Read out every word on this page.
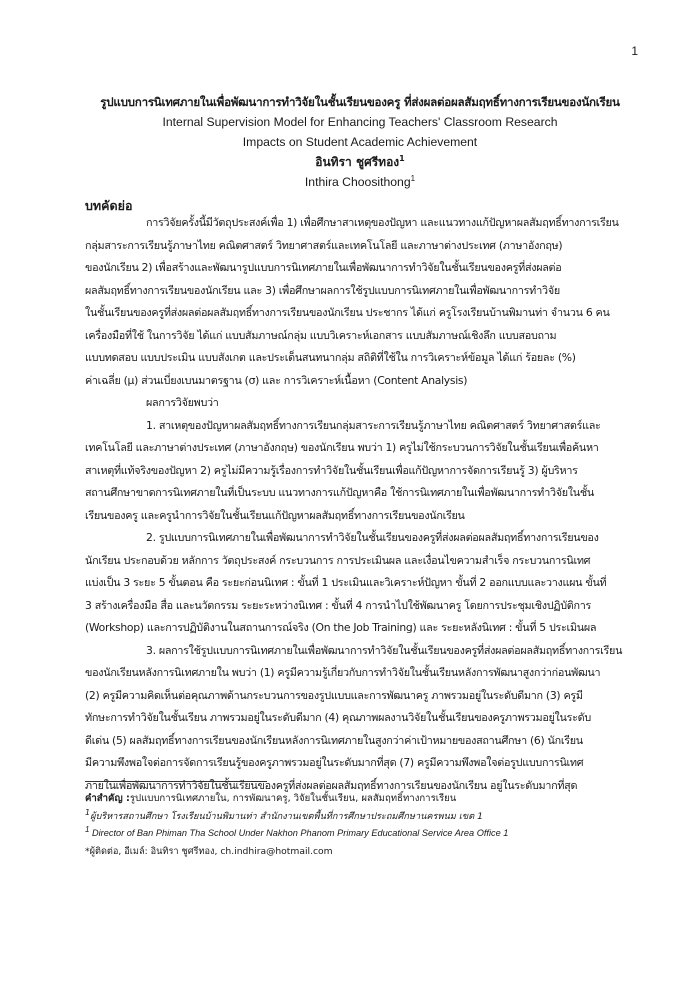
1
รูปแบบการนิเทศภายในเพื่อพัฒนาการทำวิจัยในชั้นเรียนของครู ที่ส่งผลต่อผลสัมฤทธิ์ทางการเรียนของนักเรียน
Internal Supervision Model for Enhancing Teachers' Classroom Research
Impacts on Student Academic Achievement
อินทิรา ชูศรีทอง$^1$
Inthira Choosithong$^1$
บทคัดย่อ
การวิจัยครั้งนี้มีวัตถุประสงค์เพื่อ 1) เพื่อศึกษาสาเหตุของปัญหา และแนวทางแก้ปัญหาผลสัมฤทธิ์ทางการเรียน
กลุ่มสาระการเรียนรู้ภาษาไทย คณิตศาสตร์ วิทยาศาสตร์และเทคโนโลยี และภาษาต่างประเทศ (ภาษาอังกฤษ)
ของนักเรียน 2) เพื่อสร้างและพัฒนารูปแบบการนิเทศภายในเพื่อพัฒนาการทำวิจัยในชั้นเรียนของครูที่ส่งผลต่อ
ผลสัมฤทธิ์ทางการเรียนของนักเรียน และ 3) เพื่อศึกษาผลการใช้รูปแบบการนิเทศภายในเพื่อพัฒนาการทำวิจัย
ในชั้นเรียนของครูที่ส่งผลต่อผลสัมฤทธิ์ทางการเรียนของนักเรียน ประชากร ได้แก่ ครูโรงเรียนบ้านพิมานท่า จำนวน 6 คน
เครื่องมือที่ใช้ ในการวิจัย ได้แก่ แบบสัมภาษณ์กลุ่ม แบบวิเคราะห์เอกสาร แบบสัมภาษณ์เชิงลึก แบบสอบถาม
แบบทดสอบ แบบประเมิน แบบสังเกต และประเด็นสนทนากลุ่ม สถิติที่ใช้ใน การวิเคราะห์ข้อมูล ได้แก่ ร้อยละ (%)
ค่าเฉลี่ย (μ) ส่วนเบี่ยงเบนมาตรฐาน (σ) และ การวิเคราะห์เนื้อหา (Content Analysis)
ผลการวิจัยพบว่า
1. สาเหตุของปัญหาผลสัมฤทธิ์ทางการเรียนกลุ่มสาระการเรียนรู้ภาษาไทย คณิตศาสตร์ วิทยาศาสตร์และ
เทคโนโลยี และภาษาต่างประเทศ (ภาษาอังกฤษ) ของนักเรียน พบว่า 1) ครูไม่ใช้กระบวนการวิจัยในชั้นเรียนเพื่อค้นหา
สาเหตุที่แท้จริงของปัญหา 2) ครูไม่มีความรู้เรื่องการทำวิจัยในชั้นเรียนเพื่อแก้ปัญหาการจัดการเรียนรู้ 3) ผู้บริหาร
สถานศึกษาขาดการนิเทศภายในที่เป็นระบบ แนวทางการแก้ปัญหาคือ ใช้การนิเทศภายในเพื่อพัฒนาการทำวิจัยในชั้น
เรียนของครู และครูนำการวิจัยในชั้นเรียนแก้ปัญหาผลสัมฤทธิ์ทางการเรียนของนักเรียน
2. รูปแบบการนิเทศภายในเพื่อพัฒนาการทำวิจัยในชั้นเรียนของครูที่ส่งผลต่อผลสัมฤทธิ์ทางการเรียนของ
นักเรียน ประกอบด้วย หลักการ วัตถุประสงค์ กระบวนการ การประเมินผล และเงื่อนไขความสำเร็จ กระบวนการนิเทศ
แบ่งเป็น 3 ระยะ 5 ขั้นตอน คือ ระยะก่อนนิเทศ : ขั้นที่ 1 ประเมินและวิเคราะห์ปัญหา ขั้นที่ 2 ออกแบบและวางแผน ขั้นที่
3 สร้างเครื่องมือ สื่อ และนวัตกรรม ระยะระหว่างนิเทศ : ขั้นที่ 4 การนำไปใช้พัฒนาครู โดยการประชุมเชิงปฏิบัติการ
(Workshop) และการปฏิบัติงานในสถานการณ์จริง (On the Job Training) และ ระยะหลังนิเทศ : ขั้นที่ 5 ประเมินผล
3. ผลการใช้รูปแบบการนิเทศภายในเพื่อพัฒนาการทำวิจัยในชั้นเรียนของครูที่ส่งผลต่อผลสัมฤทธิ์ทางการเรียน
ของนักเรียนหลังการนิเทศภายใน พบว่า (1) ครูมีความรู้เกี่ยวกับการทำวิจัยในชั้นเรียนหลังการพัฒนาสูงกว่าก่อนพัฒนา
(2) ครูมีความคิดเห็นต่อคุณภาพด้านกระบวนการของรูปแบบและการพัฒนาครู ภาพรวมอยู่ในระดับดีมาก (3) ครูมี
ทักษะการทำวิจัยในชั้นเรียน ภาพรวมอยู่ในระดับดีมาก (4) คุณภาพผลงานวิจัยในชั้นเรียนของครูภาพรวมอยู่ในระดับ
ดีเด่น (5) ผลสัมฤทธิ์ทางการเรียนของนักเรียนหลังการนิเทศภายในสูงกว่าค่าเป้าหมายของสถานศึกษา (6) นักเรียน
มีความพึงพอใจต่อการจัดการเรียนรู้ของครูภาพรวมอยู่ในระดับมากที่สุด (7) ครูมีความพึงพอใจต่อรูปแบบการนิเทศ
ภายในเพื่อพัฒนาการทำวิจัยในชั้นเรียนของครูที่ส่งผลต่อผลสัมฤทธิ์ทางการเรียนของนักเรียน อยู่ในระดับมากที่สุด
คำสำคัญ :รูปแบบการนิเทศภายใน, การพัฒนาครู, วิจัยในชั้นเรียน, ผลสัมฤทธิ์ทางการเรียน
$^1$ผู้บริหารสถานศึกษา โรงเรียนบ้านพิมานท่า สำนักงานเขตพื้นที่การศึกษาประถมศึกษานครพนม เขต 1
$^1$ Director of Ban Phiman Tha School Under Nakhon Phanom Primary Educational Service Area Office 1
*ผู้ติดต่อ, อีเมล์: อินทิรา ชูศรีทอง, ch.indhira@hotmail.com
